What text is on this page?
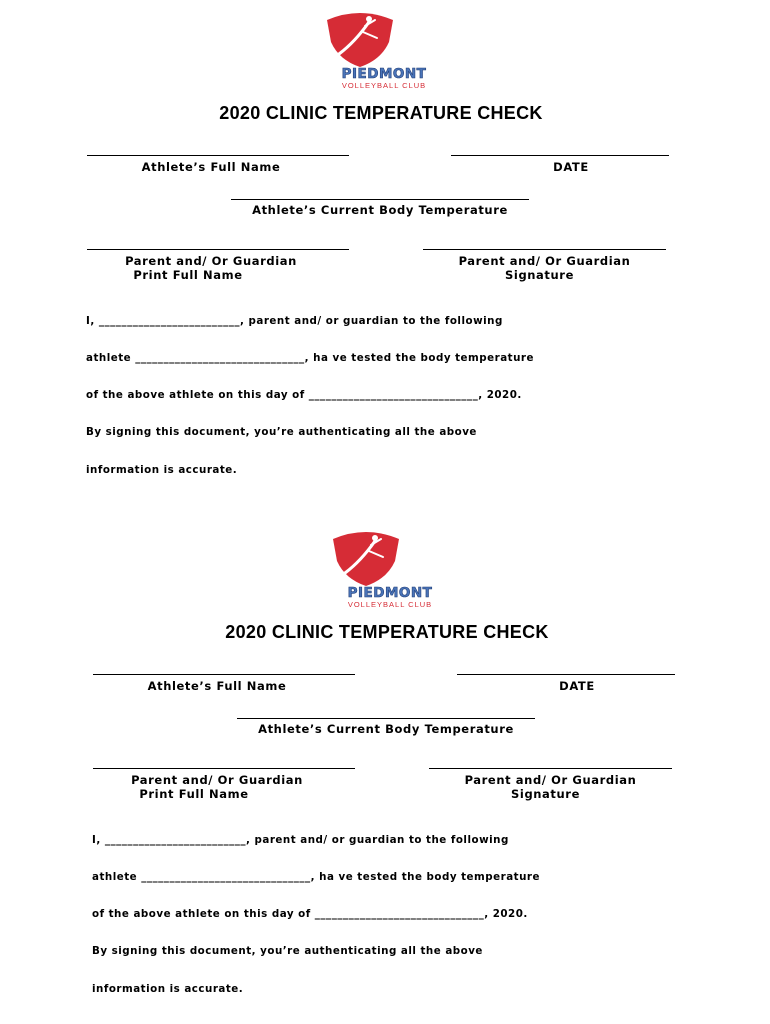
PIEDMONT
VOLLEYBALL CLUB
2020 CLINIC TEMPERATURE CHECK
Athlete’s Full Name	DATE
Athlete’s Current Body Temperature
Parent and/ Or Guardian
Print Full Name
Parent and/ Or Guardian
Signature
I, _________________________, parent and/ or guardian to the following
athlete ______________________________, ha ve tested the body temperature
of the above athlete on this day of ______________________________, 2020.
By signing this document, you’re authenticating all the above
information is accurate.
PIEDMONT
VOLLEYBALL CLUB
2020 CLINIC TEMPERATURE CHECK
Athlete’s Full Name	DATE
Athlete’s Current Body Temperature
Parent and/ Or Guardian
Print Full Name
Parent and/ Or Guardian
Signature
I, _________________________, parent and/ or guardian to the following
athlete ______________________________, ha ve tested the body temperature
of the above athlete on this day of ______________________________, 2020.
By signing this document, you’re authenticating all the above
information is accurate.
